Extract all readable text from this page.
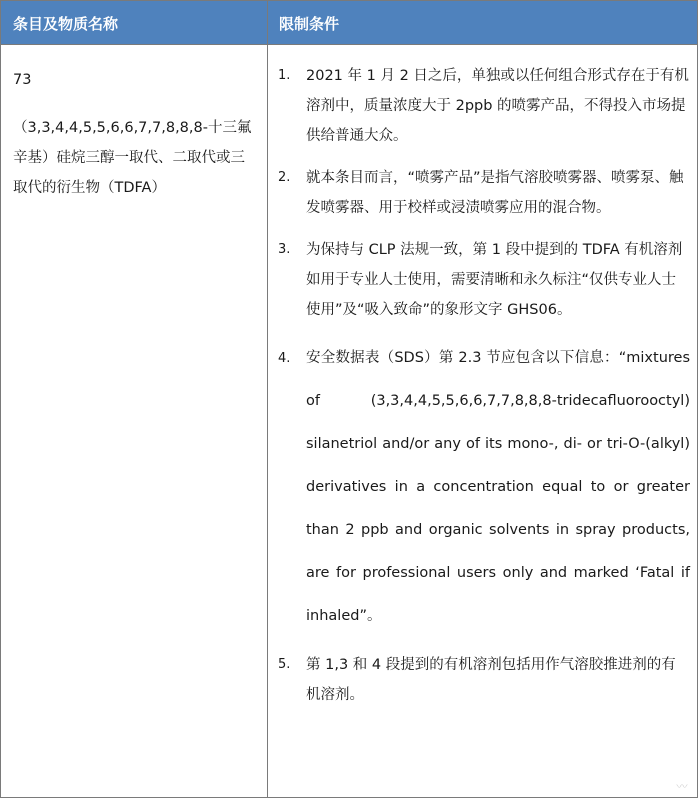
条目及物质名称	限制条件
73
（3,3,4,4,5,5,6,6,7,7,8,8,8-十三氟辛基）硅烷三醇一取代、二取代或三取代的衍生物（TDFA）
1. 2021 年 1 月 2 日之后，单独或以任何组合形式存在于有机溶剂中，质量浓度大于 2ppb 的喷雾产品，不得投入市场提供给普通大众。
2. 就本条目而言，“喷雾产品”是指气溶胶喷雾器、喷雾泵、触发喷雾器、用于校样或浸渍喷雾应用的混合物。
3. 为保持与 CLP 法规一致，第 1 段中提到的 TDFA 有机溶剂如用于专业人士使用，需要清晰和永久标注“仅供专业人士使用”及“吸入致命”的象形文字 GHS06。
4. 安全数据表（SDS）第 2.3 节应包含以下信息：“mixtures of (3,3,4,4,5,5,6,6,7,7,8,8,8-tridecafluorooctyl) silanetriol and/or any of its mono-, di- or tri-O-(alkyl) derivatives in a concentration equal to or greater than 2 ppb and organic solvents in spray products, are for professional users only and marked ‘Fatal if inhaled”。
5. 第 1,3 和 4 段提到的有机溶剂包括用作气溶胶推进剂的有机溶剂。
〰
